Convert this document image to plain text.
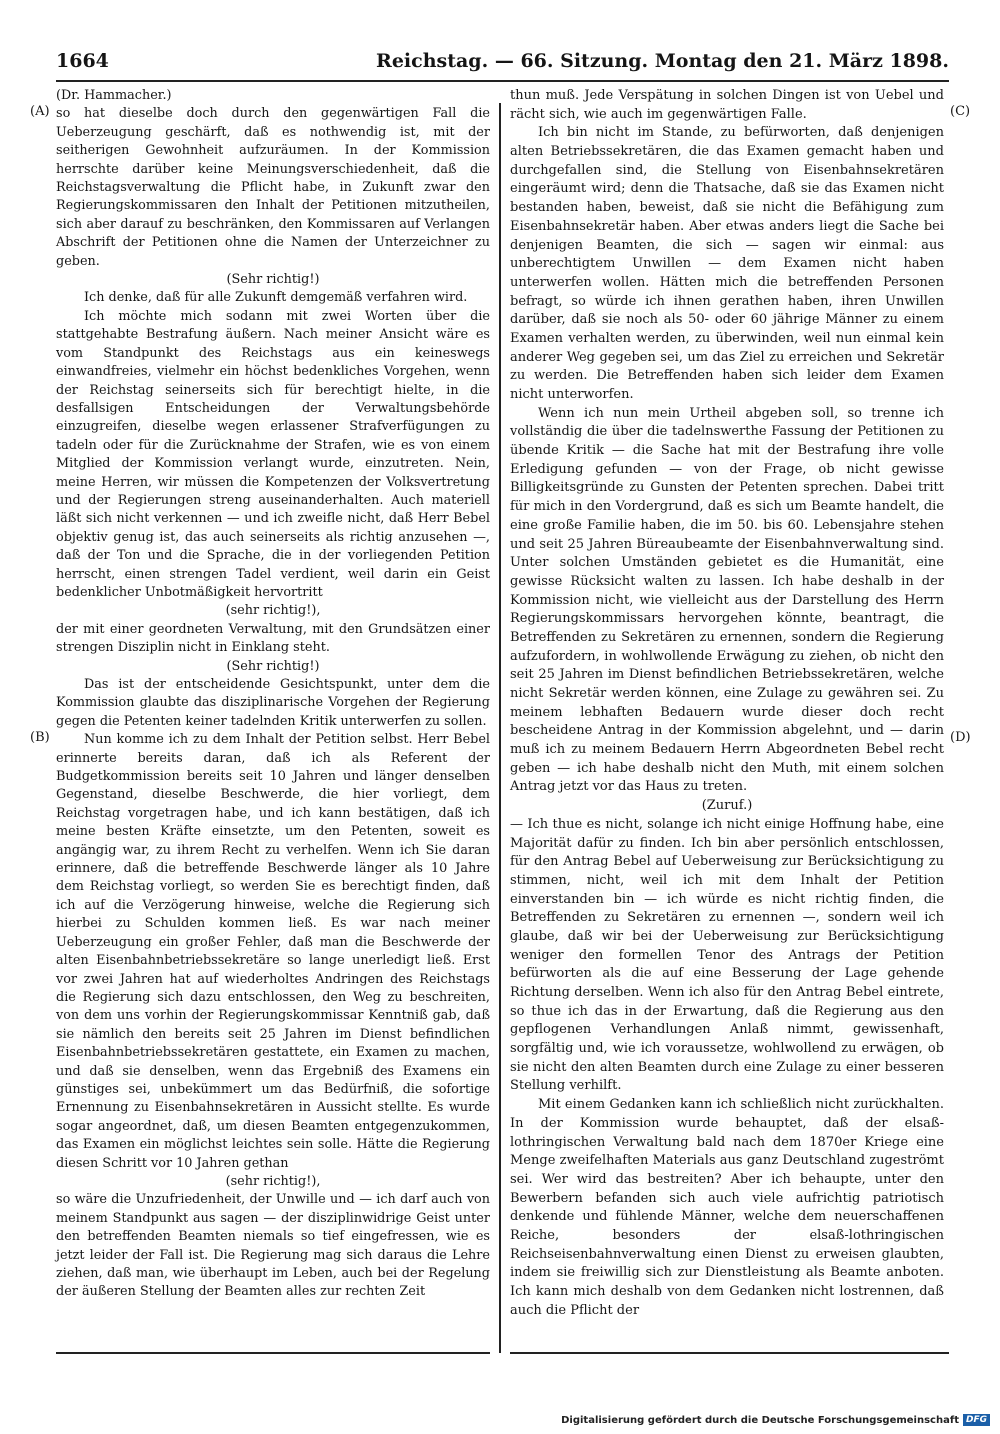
1664	Reichstag. — 66. Sitzung. Montag den 21. März 1898.
(A)
(B)
(C)
(D)

(Dr. Hammacher.)

so hat dieselbe doch durch den gegenwärtigen Fall die Ueberzeugung geschärft, daß es nothwendig ist, mit der seitherigen Gewohnheit aufzuräumen. In der Kommission herrschte darüber keine Meinungsverschiedenheit, daß die Reichstagsverwaltung die Pflicht habe, in Zukunft zwar den Regierungskommissaren den Inhalt der Petitionen mitzutheilen, sich aber darauf zu beschränken, den Kommissaren auf Verlangen Abschrift der Petitionen ohne die Namen der Unterzeichner zu geben.

(Sehr richtig!)

Ich denke, daß für alle Zukunft demgemäß verfahren wird.

Ich möchte mich sodann mit zwei Worten über die stattgehabte Bestrafung äußern. Nach meiner Ansicht wäre es vom Standpunkt des Reichstags aus ein keineswegs einwandfreies, vielmehr ein höchst bedenkliches Vorgehen, wenn der Reichstag seinerseits sich für berechtigt hielte, in die desfallsigen Entscheidungen der Verwaltungsbehörde einzugreifen, dieselbe wegen erlassener Strafverfügungen zu tadeln oder für die Zurücknahme der Strafen, wie es von einem Mitglied der Kommission verlangt wurde, einzutreten. Nein, meine Herren, wir müssen die Kompetenzen der Volksvertretung und der Regierungen streng auseinanderhalten. Auch materiell läßt sich nicht verkennen — und ich zweifle nicht, daß Herr Bebel objektiv genug ist, das auch seinerseits als richtig anzusehen —, daß der Ton und die Sprache, die in der vorliegenden Petition herrscht, einen strengen Tadel verdient, weil darin ein Geist bedenklicher Unbotmäßigkeit hervortritt

(sehr richtig!),

der mit einer geordneten Verwaltung, mit den Grundsätzen einer strengen Disziplin nicht in Einklang steht.

(Sehr richtig!)

Das ist der entscheidende Gesichtspunkt, unter dem die Kommission glaubte das disziplinarische Vorgehen der Regierung gegen die Petenten keiner tadelnden Kritik unterwerfen zu sollen.

Nun komme ich zu dem Inhalt der Petition selbst. Herr Bebel erinnerte bereits daran, daß ich als Referent der Budgetkommission bereits seit 10 Jahren und länger denselben Gegenstand, dieselbe Beschwerde, die hier vorliegt, dem Reichstag vorgetragen habe, und ich kann bestätigen, daß ich meine besten Kräfte einsetzte, um den Petenten, soweit es angängig war, zu ihrem Recht zu verhelfen. Wenn ich Sie daran erinnere, daß die betreffende Beschwerde länger als 10 Jahre dem Reichstag vorliegt, so werden Sie es berechtigt finden, daß ich auf die Verzögerung hinweise, welche die Regierung sich hierbei zu Schulden kommen ließ. Es war nach meiner Ueberzeugung ein großer Fehler, daß man die Beschwerde der alten Eisenbahnbetriebssekretäre so lange unerledigt ließ. Erst vor zwei Jahren hat auf wiederholtes Andringen des Reichstags die Regierung sich dazu entschlossen, den Weg zu beschreiten, von dem uns vorhin der Regierungskommissar Kenntniß gab, daß sie nämlich den bereits seit 25 Jahren im Dienst befindlichen Eisenbahnbetriebssekretären gestattete, ein Examen zu machen, und daß sie denselben, wenn das Ergebniß des Examens ein günstiges sei, unbekümmert um das Bedürfniß, die sofortige Ernennung zu Eisenbahnsekretären in Aussicht stellte. Es wurde sogar angeordnet, daß, um diesen Beamten entgegenzukommen, das Examen ein möglichst leichtes sein solle. Hätte die Regierung diesen Schritt vor 10 Jahren gethan

(sehr richtig!),

so wäre die Unzufriedenheit, der Unwille und — ich darf auch von meinem Standpunkt aus sagen — der disziplinwidrige Geist unter den betreffenden Beamten niemals so tief eingefressen, wie es jetzt leider der Fall ist. Die Regierung mag sich daraus die Lehre ziehen, daß man, wie überhaupt im Leben, auch bei der Regelung der äußeren Stellung der Beamten alles zur rechten Zeit

thun muß. Jede Verspätung in solchen Dingen ist von Uebel und rächt sich, wie auch im gegenwärtigen Falle.

Ich bin nicht im Stande, zu befürworten, daß denjenigen alten Betriebssekretären, die das Examen gemacht haben und durchgefallen sind, die Stellung von Eisenbahnsekretären eingeräumt wird; denn die Thatsache, daß sie das Examen nicht bestanden haben, beweist, daß sie nicht die Befähigung zum Eisenbahnsekretär haben. Aber etwas anders liegt die Sache bei denjenigen Beamten, die sich — sagen wir einmal: aus unberechtigtem Unwillen — dem Examen nicht haben unterwerfen wollen. Hätten mich die betreffenden Personen befragt, so würde ich ihnen gerathen haben, ihren Unwillen darüber, daß sie noch als 50- oder 60 jährige Männer zu einem Examen verhalten werden, zu überwinden, weil nun einmal kein anderer Weg gegeben sei, um das Ziel zu erreichen und Sekretär zu werden. Die Betreffenden haben sich leider dem Examen nicht unterworfen.

Wenn ich nun mein Urtheil abgeben soll, so trenne ich vollständig die über die tadelnswerthe Fassung der Petitionen zu übende Kritik — die Sache hat mit der Bestrafung ihre volle Erledigung gefunden — von der Frage, ob nicht gewisse Billigkeitsgründe zu Gunsten der Petenten sprechen. Dabei tritt für mich in den Vordergrund, daß es sich um Beamte handelt, die eine große Familie haben, die im 50. bis 60. Lebensjahre stehen und seit 25 Jahren Büreaubeamte der Eisenbahnverwaltung sind. Unter solchen Umständen gebietet es die Humanität, eine gewisse Rücksicht walten zu lassen. Ich habe deshalb in der Kommission nicht, wie vielleicht aus der Darstellung des Herrn Regierungskommissars hervorgehen könnte, beantragt, die Betreffenden zu Sekretären zu ernennen, sondern die Regierung aufzufordern, in wohlwollende Erwägung zu ziehen, ob nicht den seit 25 Jahren im Dienst befindlichen Betriebssekretären, welche nicht Sekretär werden können, eine Zulage zu gewähren sei. Zu meinem lebhaften Bedauern wurde dieser doch recht bescheidene Antrag in der Kommission abgelehnt, und — darin muß ich zu meinem Bedauern Herrn Abgeordneten Bebel recht geben — ich habe deshalb nicht den Muth, mit einem solchen Antrag jetzt vor das Haus zu treten.

(Zuruf.)

— Ich thue es nicht, solange ich nicht einige Hoffnung habe, eine Majorität dafür zu finden. Ich bin aber persönlich entschlossen, für den Antrag Bebel auf Ueberweisung zur Berücksichtigung zu stimmen, nicht, weil ich mit dem Inhalt der Petition einverstanden bin — ich würde es nicht richtig finden, die Betreffenden zu Sekretären zu ernennen —, sondern weil ich glaube, daß wir bei der Ueberweisung zur Berücksichtigung weniger den formellen Tenor des Antrags der Petition befürworten als die auf eine Besserung der Lage gehende Richtung derselben. Wenn ich also für den Antrag Bebel eintrete, so thue ich das in der Erwartung, daß die Regierung aus den gepflogenen Verhandlungen Anlaß nimmt, gewissenhaft, sorgfältig und, wie ich voraussetze, wohlwollend zu erwägen, ob sie nicht den alten Beamten durch eine Zulage zu einer besseren Stellung verhilft.

Mit einem Gedanken kann ich schließlich nicht zurückhalten. In der Kommission wurde behauptet, daß der elsaß-lothringischen Verwaltung bald nach dem 1870er Kriege eine Menge zweifelhaften Materials aus ganz Deutschland zugeströmt sei. Wer wird das bestreiten? Aber ich behaupte, unter den Bewerbern befanden sich auch viele aufrichtig patriotisch denkende und fühlende Männer, welche dem neuerschaffenen Reiche, besonders der elsaß-lothringischen Reichseisenbahnverwaltung einen Dienst zu erweisen glaubten, indem sie freiwillig sich zur Dienstleistung als Beamte anboten. Ich kann mich deshalb von dem Gedanken nicht lostrennen, daß auch die Pflicht der

Digitalisierung gefördert durch die Deutsche Forschungsgemeinschaft DFG
